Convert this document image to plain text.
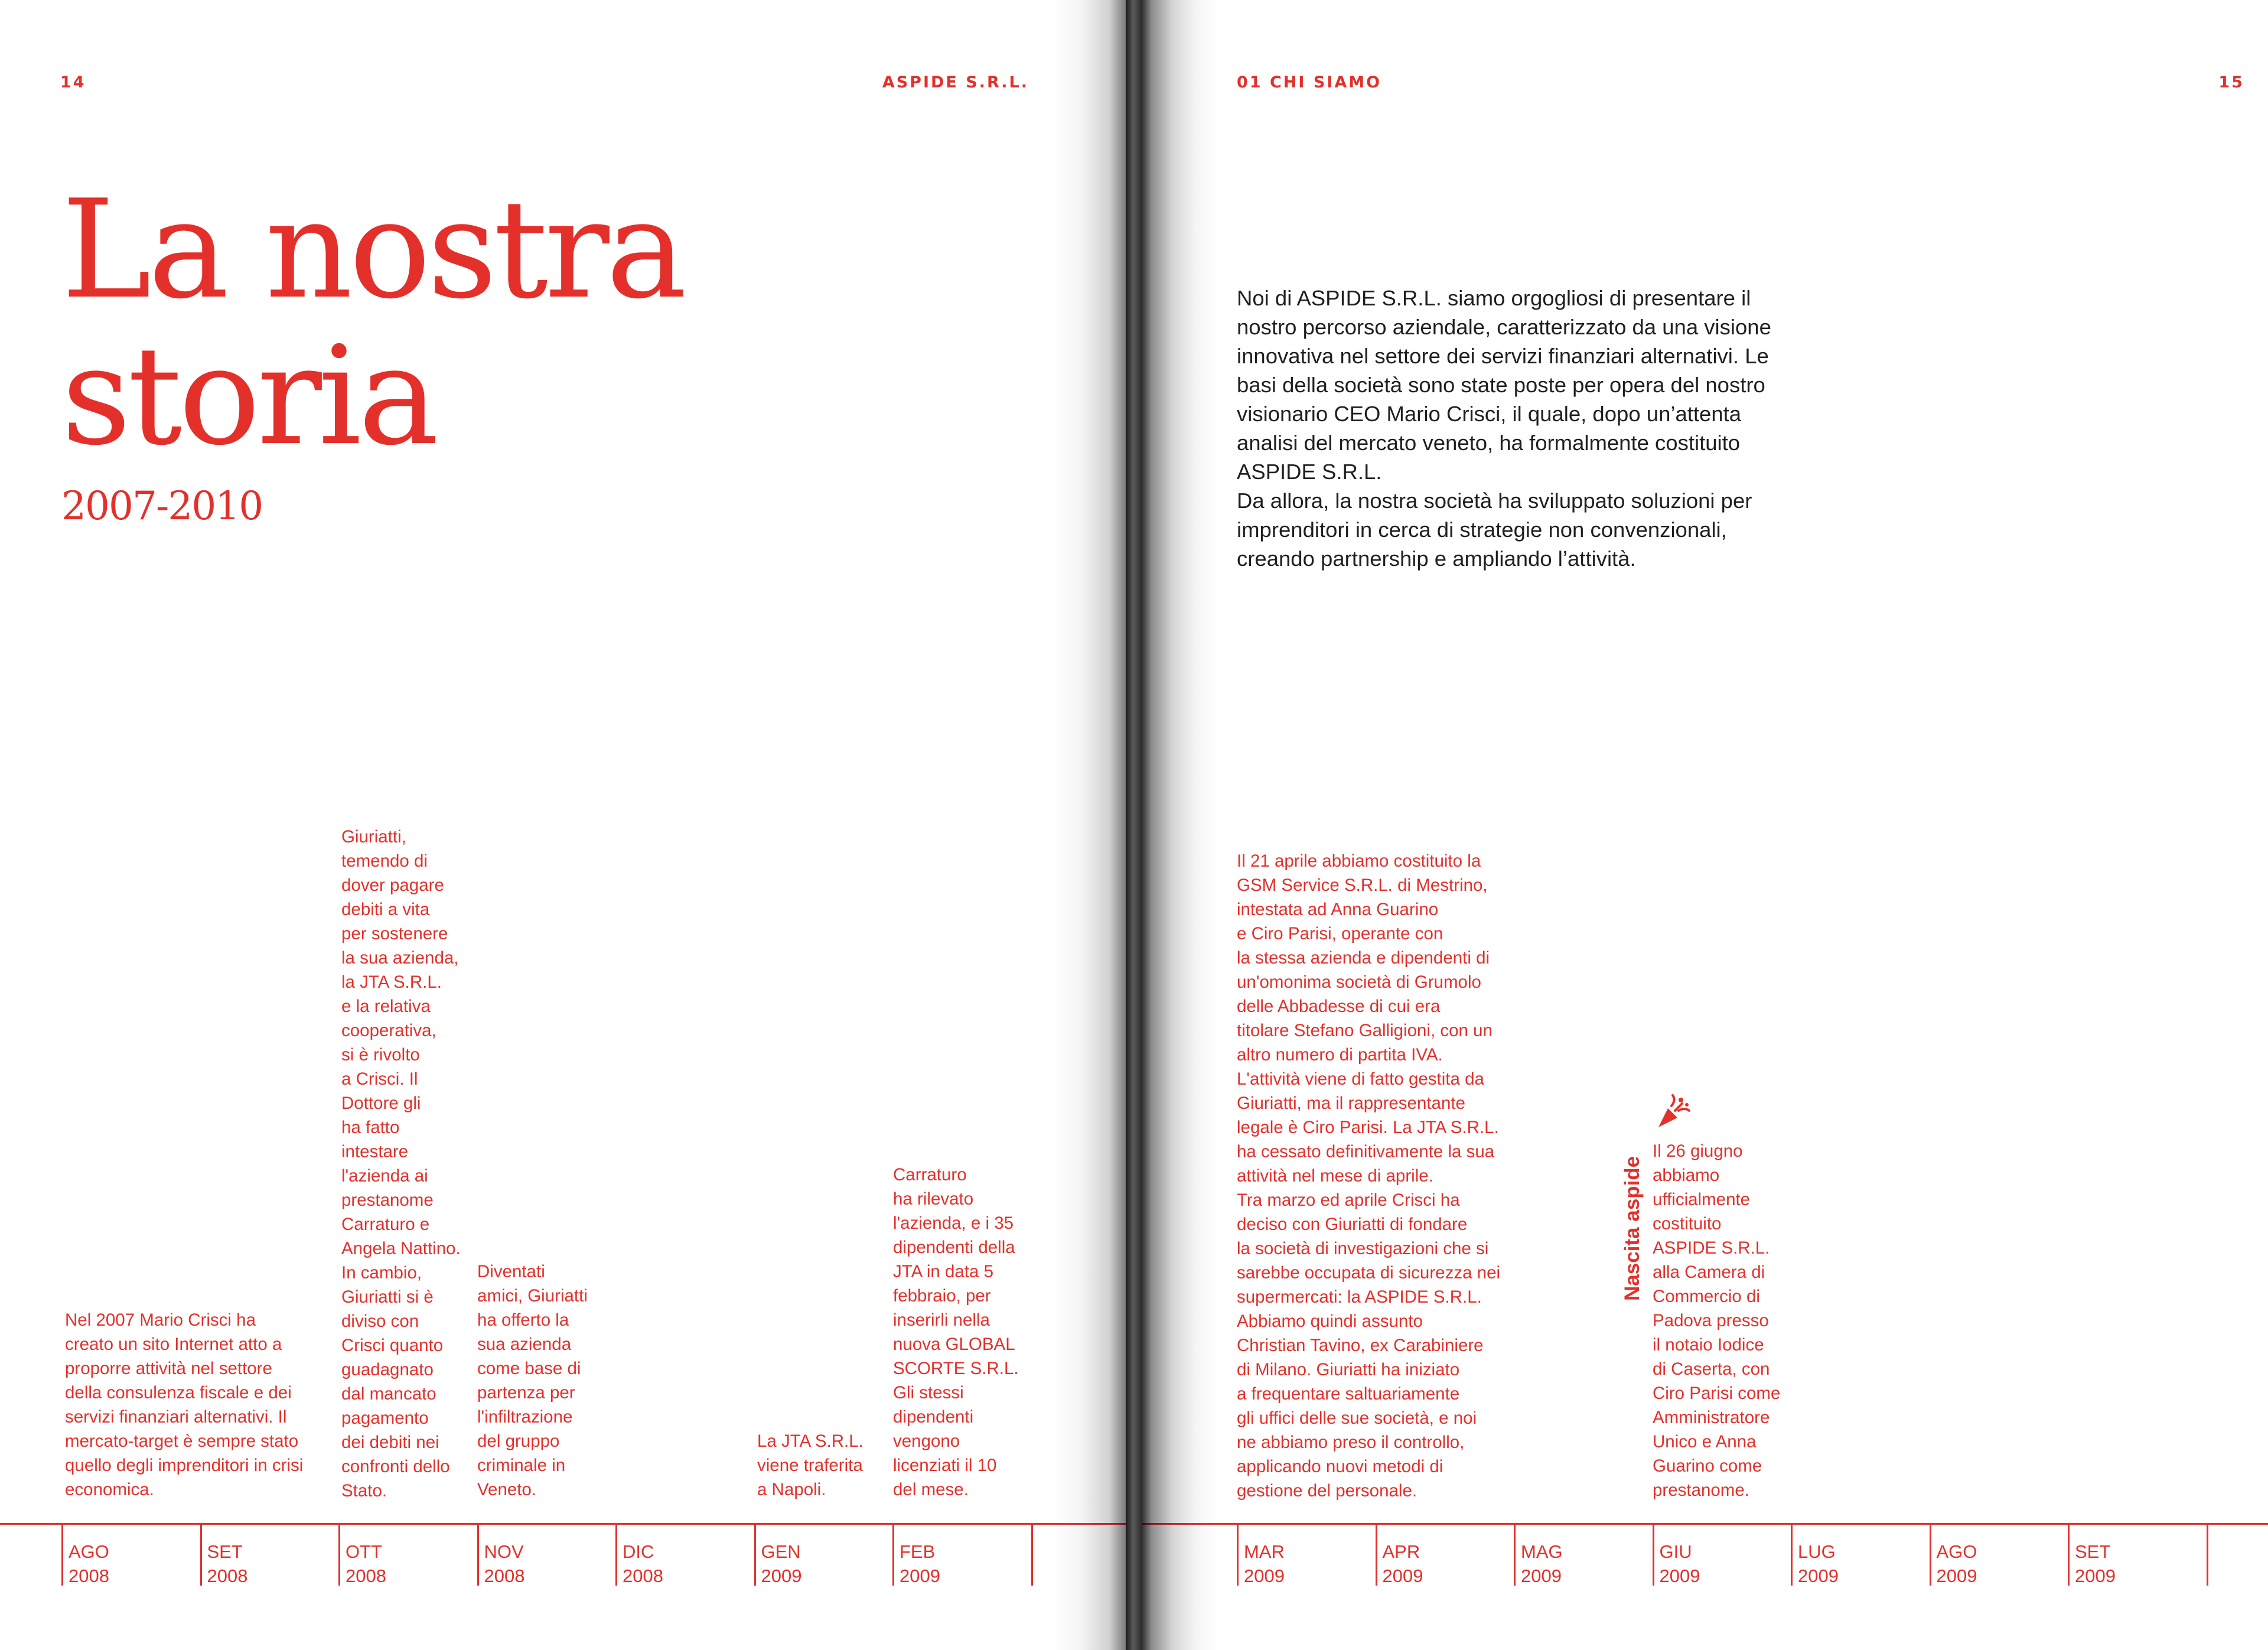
14	ASPIDE S.R.L.
La nostra
storia
2007-2010

Nel 2007 Mario Crisci ha
creato un sito Internet atto a
proporre attività nel settore
della consulenza fiscale e dei
servizi finanziari alternativi. Il
mercato-target è sempre stato
quello degli imprenditori in crisi
economica.

Giuriatti,
temendo di
dover pagare
debiti a vita
per sostenere
la sua azienda,
la JTA S.R.L.
e la relativa
cooperativa,
si è rivolto
a Crisci. Il
Dottore gli
ha fatto
intestare
l'azienda ai
prestanome
Carraturo e
Angela Nattino.
In cambio,
Giuriatti si è
diviso con
Crisci quanto
guadagnato
dal mancato
pagamento
dei debiti nei
confronti dello
Stato.

Diventati
amici, Giuriatti
ha offerto la
sua azienda
come base di
partenza per
l'infiltrazione
del gruppo
criminale in
Veneto.

La JTA S.R.L.
viene traferita
a Napoli.

Carraturo
ha rilevato
l'azienda, e i 35
dipendenti della
JTA in data 5
febbraio, per
inserirli nella
nuova GLOBAL
SCORTE S.R.L.
Gli stessi
dipendenti
vengono
licenziati il 10
del mese.

AGO
2008
SET
2008
OTT
2008
NOV
2008
DIC
2008
GEN
2009
FEB
2009
01 CHI SIAMO	15

Noi di ASPIDE S.R.L. siamo orgogliosi di presentare il nostro percorso aziendale, caratterizzato da una visione innovativa nel settore dei servizi finanziari alternativi. Le basi della società sono state poste per opera del nostro visionario CEO Mario Crisci, il quale, dopo un’attenta analisi del mercato veneto, ha formalmente costituito ASPIDE S.R.L.
Da allora, la nostra società ha sviluppato soluzioni per imprenditori in cerca di strategie non convenzionali, creando partnership e ampliando l’attività.

Il 21 aprile abbiamo costituito la
GSM Service S.R.L. di Mestrino,
intestata ad Anna Guarino
e Ciro Parisi, operante con
la stessa azienda e dipendenti di
un'omonima società di Grumolo
delle Abbadesse di cui era
titolare Stefano Galligioni, con un
altro numero di partita IVA.
L'attività viene di fatto gestita da
Giuriatti, ma il rappresentante
legale è Ciro Parisi. La JTA S.R.L.
ha cessato definitivamente la sua
attività nel mese di aprile.
Tra marzo ed aprile Crisci ha
deciso con Giuriatti di fondare
la società di investigazioni che si
sarebbe occupata di sicurezza nei
supermercati: la ASPIDE S.R.L.
Abbiamo quindi assunto
Christian Tavino, ex Carabiniere
di Milano. Giuriatti ha iniziato
a frequentare saltuariamente
gli uffici delle sue società, e noi
ne abbiamo preso il controllo,
applicando nuovi metodi di
gestione del personale.

Nascita aspide

Il 26 giugno
abbiamo
ufficialmente
costituito
ASPIDE S.R.L.
alla Camera di
Commercio di
Padova presso
il notaio Iodice
di Caserta, con
Ciro Parisi come
Amministratore
Unico e Anna
Guarino come
prestanome.

MAR
2009
APR
2009
MAG
2009
GIU
2009
LUG
2009
AGO
2009
SET
2009
